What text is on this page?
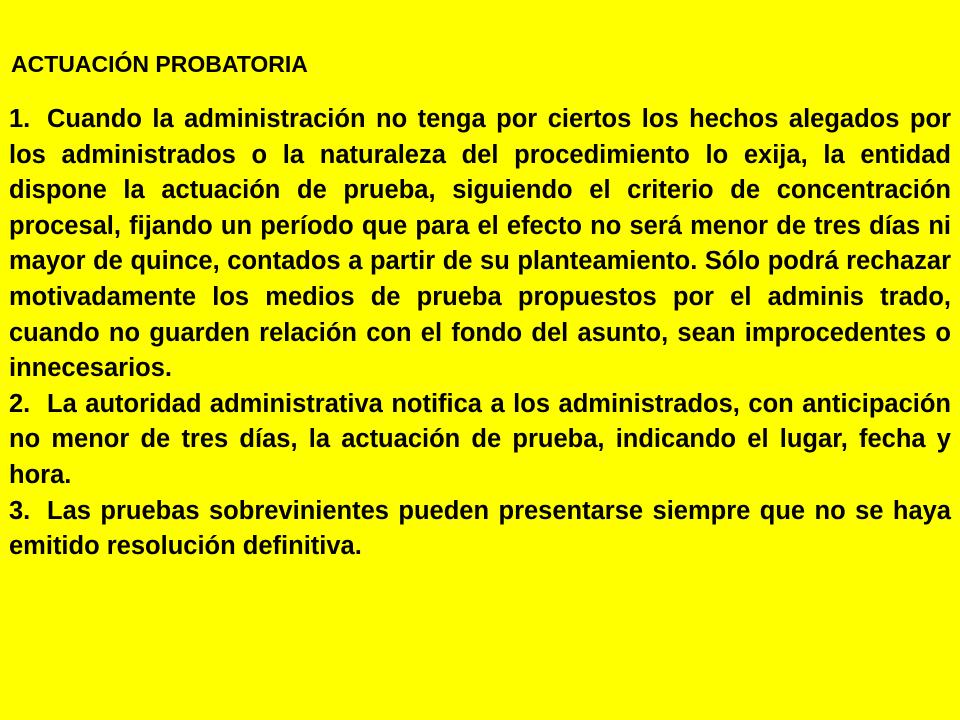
ACTUACIÓN PROBATORIA

1. Cuando la administración no tenga por ciertos los hechos alegados por los administrados o la naturaleza del procedimiento lo exija, la entidad dispone la actuación de prueba, siguiendo el criterio de concentración procesal, fijando un período que para el efecto no será menor de tres días ni mayor de quince, contados a partir de su planteamiento. Sólo podrá rechazar motivadamente los medios de prueba propuestos por el adminis trado, cuando no guarden relación con el fondo del asunto, sean improcedentes o innecesarios.

2. La autoridad administrativa notifica a los administrados, con anticipación no menor de tres días, la actuación de prueba, indicando el lugar, fecha y hora.

3. Las pruebas sobrevinientes pueden presentarse siempre que no se haya emitido resolución definitiva.
